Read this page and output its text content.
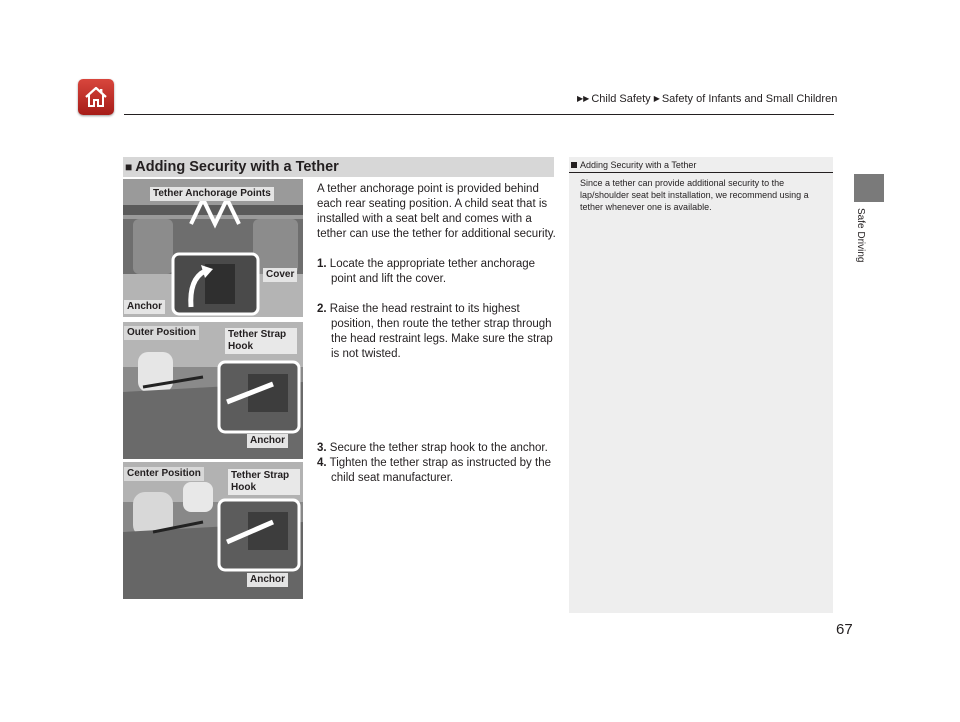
▶▶ Child Safety ▶ Safety of Infants and Small Children
Safe Driving
■ Adding Security with a Tether

A tether anchorage point is provided behind each rear seating position. A child seat that is installed with a seat belt and comes with a tether can use the tether for additional security.

1. Locate the appropriate tether anchorage point and lift the cover.

2. Raise the head restraint to its highest position, then route the tether strap through the head restraint legs. Make sure the strap is not twisted.

3. Secure the tether strap hook to the anchor.

4. Tighten the tether strap as instructed by the child seat manufacturer.

Tether Anchorage Points
Cover
Anchor
Outer Position	Tether Strap Hook
Anchor
Center Position	Tether Strap Hook
Anchor
Adding Security with a Tether
Since a tether can provide additional security to the lap/shoulder seat belt installation, we recommend using a tether whenever one is available.
67
